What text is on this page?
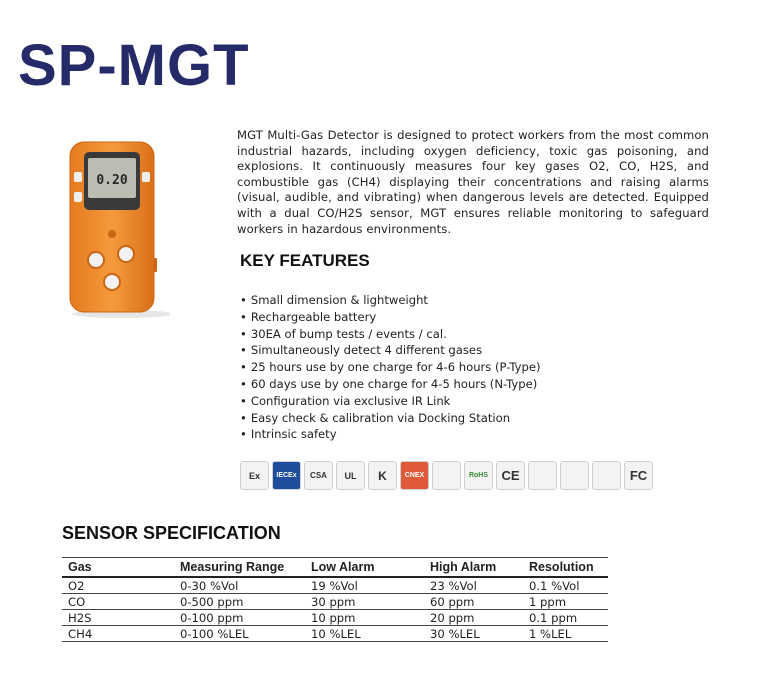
SP-MGT
0.20
MGT Multi-Gas Detector is designed to protect workers from the most common industrial hazards, including oxygen deficiency, toxic gas poisoning, and explosions. It continuously measures four key gases O2, CO, H2S, and combustible gas (CH4) displaying their concentrations and raising alarms (visual, audible, and vibrating) when dangerous levels are detected. Equipped with a dual CO/H2S sensor, MGT ensures reliable monitoring to safeguard workers in hazardous environments.
KEY FEATURES
• Small dimension & lightweight
• Rechargeable battery
• 30EA of bump tests / events / cal.
• Simultaneously detect 4 different gases
• 25 hours use by one charge for 4-6 hours (P-Type)
• 60 days use by one charge for 4-5 hours (N-Type)
• Configuration via exclusive IR Link
• Easy check & calibration via Docking Station
• Intrinsic safety
Ex	IECEx	CSA	UL	K	CNEX	RoHS	CE	FC
SENSOR SPECIFICATION
Gas	Measuring Range	Low Alarm	High Alarm	Resolution
O2	0-30 %Vol	19 %Vol	23 %Vol	0.1 %Vol
CO	0-500 ppm	30 ppm	60 ppm	1 ppm
H2S	0-100 ppm	10 ppm	20 ppm	0.1 ppm
CH4	0-100 %LEL	10 %LEL	30 %LEL	1 %LEL
